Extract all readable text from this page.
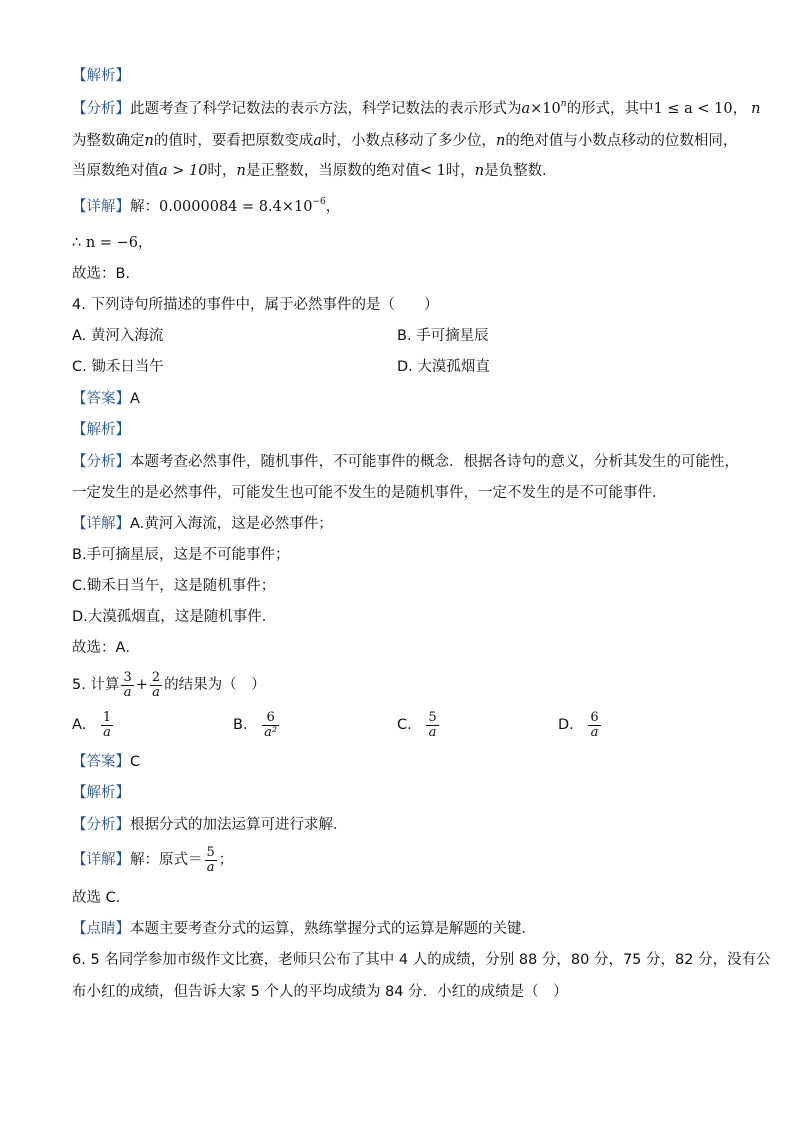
【解析】
【分析】此题考查了科学记数法的表示方法，科学记数法的表示形式为$a\times 10^n$的形式，其中1 ≤ a < 10， n
为整数确定n的值时，要看把原数变成a时，小数点移动了多少位，n的绝对值与小数点移动的位数相同，
当原数绝对值a > 10时，n是正整数，当原数的绝对值< 1时，n是负整数．
【详解】解：$0.0000084 = 8.4\times 10^{-6}$，
∴ n = −6，
故选：B．
4. 下列诗句所描述的事件中，属于必然事件的是（　　）
A. 黄河入海流	B. 手可摘星辰
C. 锄禾日当午	D. 大漠孤烟直
【答案】A
【解析】
【分析】本题考查必然事件，随机事件，不可能事件的概念．根据各诗句的意义，分析其发生的可能性，
一定发生的是必然事件，可能发生也可能不发生的是随机事件，一定不发生的是不可能事件．
【详解】A.黄河入海流，这是必然事件；
B.手可摘星辰，这是不可能事件；
C.锄禾日当午，这是随机事件；
D.大漠孤烟直，这是随机事件．
故选：A．
5. 计算 $\frac{3}{a} + \frac{2}{a}$ 的结果为（　）
A. $\frac{1}{a}$	B. $\frac{6}{\text{a²}}$	C. $\frac{5}{a}$	D. $\frac{6}{a}$
【答案】C
【解析】
【分析】根据分式的加法运算可进行求解．
【详解】解：原式＝ $\frac{5}{a}$ ；
故选 C．
【点睛】本题主要考查分式的运算，熟练掌握分式的运算是解题的关键．
6. 5 名同学参加市级作文比赛，老师只公布了其中 4 人的成绩，分别 88 分，80 分，75 分，82 分，没有公
布小红的成绩，但告诉大家 5 个人的平均成绩为 84 分．小红的成绩是（　）
